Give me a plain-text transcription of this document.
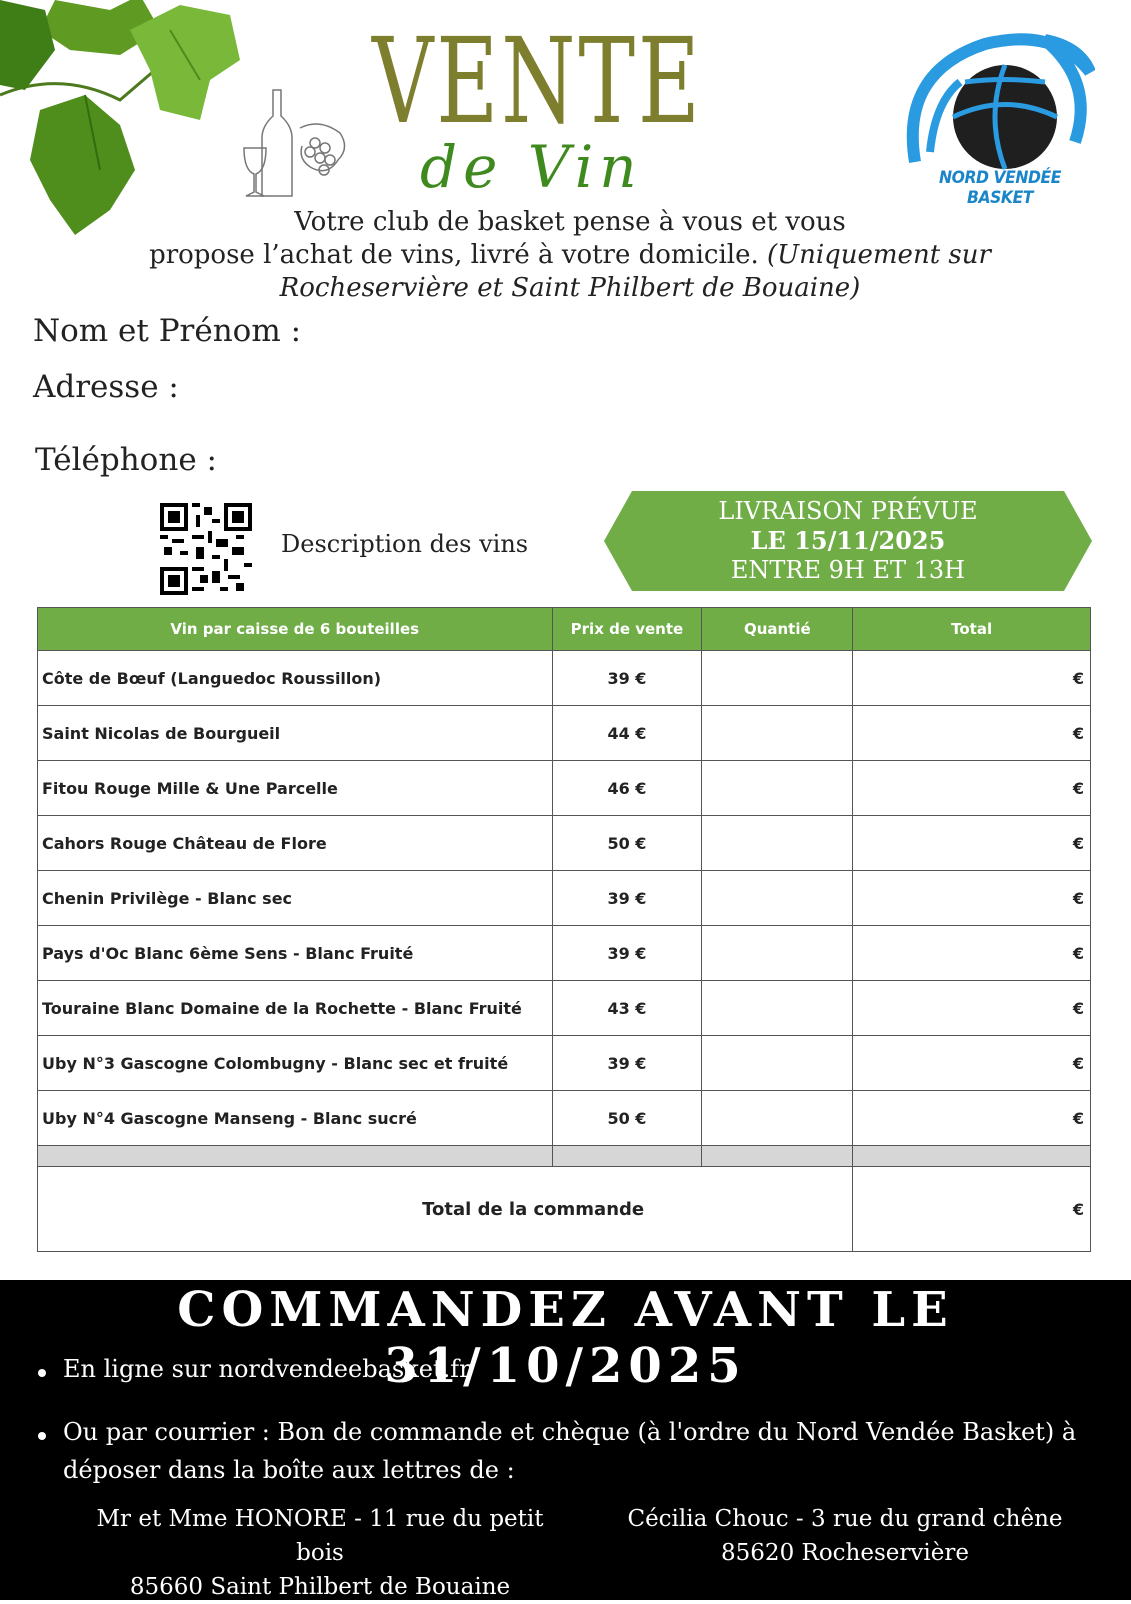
VENTE
de Vin	NORD VENDÉE BASKET
Votre club de basket pense à vous et vous
propose l’achat de vins, livré à votre domicile. (Uniquement sur
Rocheservière et Saint Philbert de Bouaine)
Nom et Prénom :
Adresse :
Téléphone :
Description des vins
LIVRAISON PRÉVUE
LE 15/11/2025
ENTRE 9H ET 13H
Vin par caisse de 6 bouteilles	Prix de vente	Quantié	Total
Côte de Bœuf (Languedoc Roussillon)	39 €		€
Saint Nicolas de Bourgueil	44 €		€
Fitou Rouge Mille & Une Parcelle	46 €		€
Cahors Rouge Château de Flore	50 €		€
Chenin Privilège - Blanc sec	39 €		€
Pays d'Oc Blanc 6ème Sens - Blanc Fruité	39 €		€
Touraine Blanc Domaine de la Rochette - Blanc Fruité	43 €		€
Uby N°3 Gascogne Colombugny - Blanc sec et fruité	39 €		€
Uby N°4 Gascogne Manseng - Blanc sucré	50 €		€

Total de la commande			€
COMMANDEZ AVANT LE 31/10/2025
En ligne sur nordvendeebasket.fr
Ou par courrier : Bon de commande et chèque (à l'ordre du Nord Vendée Basket) à déposer dans la boîte aux lettres de :
Mr et Mme HONORE - 11 rue du petit bois
85660 Saint Philbert de Bouaine
Cécilia Chouc - 3 rue du grand chêne
85620 Rocheservière
